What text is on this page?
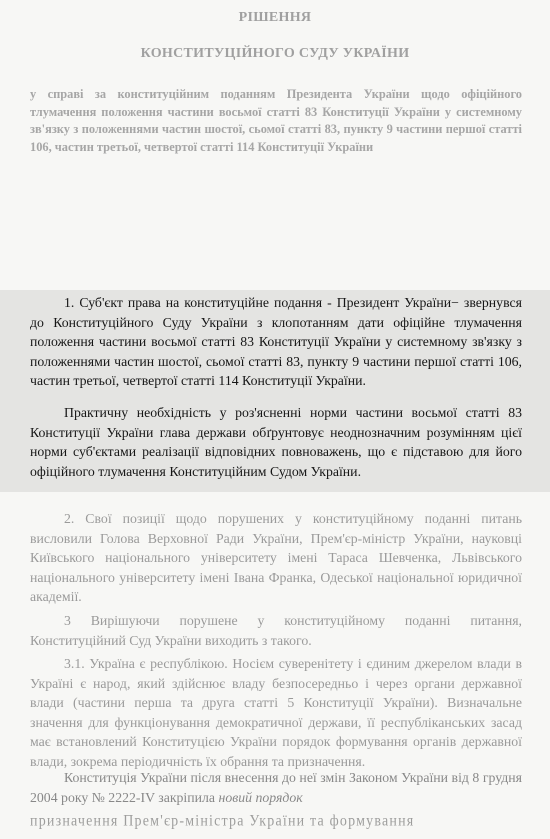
РІШЕННЯ
КОНСТИТУЦІЙНОГО СУДУ УКРАЇНИ
у справі за конституційним поданням Президента України щодо офіційного тлумачення положення частини восьмої статті 83 Конституції України у системному зв'язку з положеннями частин шостої, сьомої статті 83, пункту 9 частини першої статті 106, частин третьої, четвертої статті 114 Конституції України
1. Суб'єкт права на конституційне подання - Президент України− звернувся до Конституційного Суду України з клопотанням дати офіційне тлумачення положення частини восьмої статті 83 Конституції України у системному зв'язку з положеннями частин шостої, сьомої статті 83, пункту 9 частини першої статті 106, частин третьої, четвертої статті 114 Конституції України.
Практичну необхідність у роз'ясненні норми частини восьмої статті 83 Конституції України глава держави обґрунтовує неоднозначним розумінням цієї норми суб'єктами реалізації відповідних повноважень, що є підставою для його офіційного тлумачення Конституційним Судом України.
2. Свої позиції щодо порушених у конституційному поданні питань висловили Голова Верховної Ради України, Прем'єр-міністр України, науковці Київського національного університету імені Тараса Шевченка, Львівського національного університету імені Івана Франка, Одеської національної юридичної академії.
3 Вирішуючи порушене у конституційному поданні питання, Конституційний Суд України виходить з такого.
3.1. Україна є республікою. Носієм суверенітету і єдиним джерелом влади в Україні є народ, який здійснює владу безпосередньо і через органи державної влади (частини перша та друга статті 5 Конституції України). Визначальне значення для функціонування демократичної держави, її республіканських засад має встановлений Конституцією України порядок формування органів державної влади, зокрема періодичність їх обрання та призначення.
Конституція України після внесення до неї змін Законом України від 8 грудня 2004 року № 2222-IV закріпила новий порядок
призначення Прем'єр-міністра України та формування
